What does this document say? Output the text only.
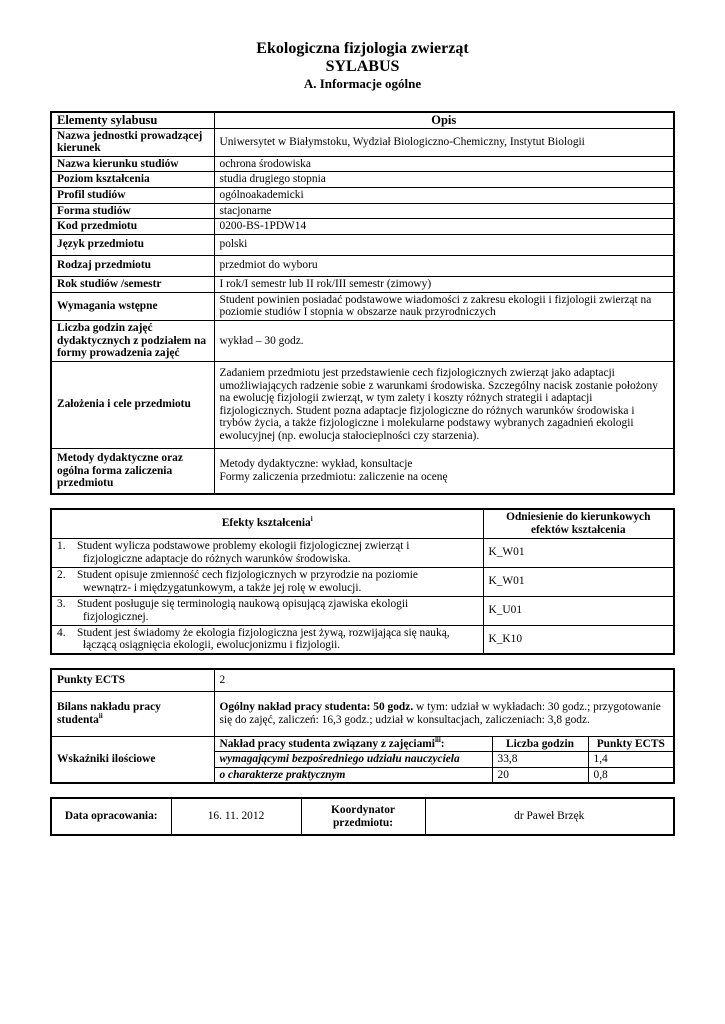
Ekologiczna fizjologia zwierząt
SYLABUS
A. Informacje ogólne
Elementy sylabusu	Opis
Nazwa jednostki prowadzącej kierunek	Uniwersytet w Białymstoku, Wydział Biologiczno-Chemiczny, Instytut Biologii
Nazwa kierunku studiów	ochrona środowiska
Poziom kształcenia	studia drugiego stopnia
Profil studiów	ogólnoakademicki
Forma studiów	stacjonarne
Kod przedmiotu	0200-BS-1PDW14
Język przedmiotu	polski
Rodzaj przedmiotu	przedmiot do wyboru
Rok studiów /semestr	I rok/I semestr lub II rok/III semestr (zimowy)
Wymagania wstępne	Student powinien posiadać podstawowe wiadomości z zakresu ekologii i fizjologii zwierząt na poziomie studiów I stopnia w obszarze nauk przyrodniczych
Liczba godzin zajęć dydaktycznych z podziałem na formy prowadzenia zajęć	wykład – 30 godz.
Założenia i cele przedmiotu	Zadaniem przedmiotu jest przedstawienie cech fizjologicznych zwierząt jako adaptacji umożliwiających radzenie sobie z warunkami środowiska. Szczególny nacisk zostanie położony na ewolucję fizjologii zwierząt, w tym zalety i koszty różnych strategii i adaptacji fizjologicznych. Student pozna adaptacje fizjologiczne do różnych warunków środowiska i trybów życia, a także fizjologiczne i molekularne podstawy wybranych zagadnień ekologii ewolucyjnej (np. ewolucja stałocieplności czy starzenia).
Metody dydaktyczne oraz ogólna forma zaliczenia przedmiotu	Metody dydaktyczne: wykład, konsultacje
Formy zaliczenia przedmiotu: zaliczenie na ocenę
Efekty kształcenia$^i$	Odniesienie do kierunkowych efektów kształcenia

1. Student wylicza podstawowe problemy ekologii fizjologicznej zwierząt i
fizjologiczne adaptacje do różnych warunków środowiska.	K_W01

2. Student opisuje zmienność cech fizjologicznych w przyrodzie na poziomie
wewnątrz- i międzygatunkowym, a także jej rolę w ewolucji.	K_W01

3. Student posługuje się terminologią naukową opisującą zjawiska ekologii
fizjologicznej.	K_U01

4. Student jest świadomy że ekologia fizjologiczna jest żywą, rozwijająca się nauką,
łączącą osiągnięcia ekologii, ewolucjonizmu i fizjologii.	K_K10
Punkty ECTS	2		
Bilans nakładu pracy studenta$^{ii}$	Ogólny nakład pracy studenta: 50 godz. w tym: udział w wykładach: 30 godz.; przygotowanie się do zajęć, zaliczeń: 16,3 godz.; udział w konsultacjach, zaliczeniach: 3,8 godz.		
Wskaźniki ilościowe	Nakład pracy studenta związany z zajęciami$^{iii}$:	Liczba godzin	Punkty ECTS
	wymagającymi bezpośredniego udziału nauczyciela	33,8	1,4
	o charakterze praktycznym	20	0,8
Data opracowania:	16. 11. 2012	Koordynator przedmiotu:	dr Paweł Brzęk
